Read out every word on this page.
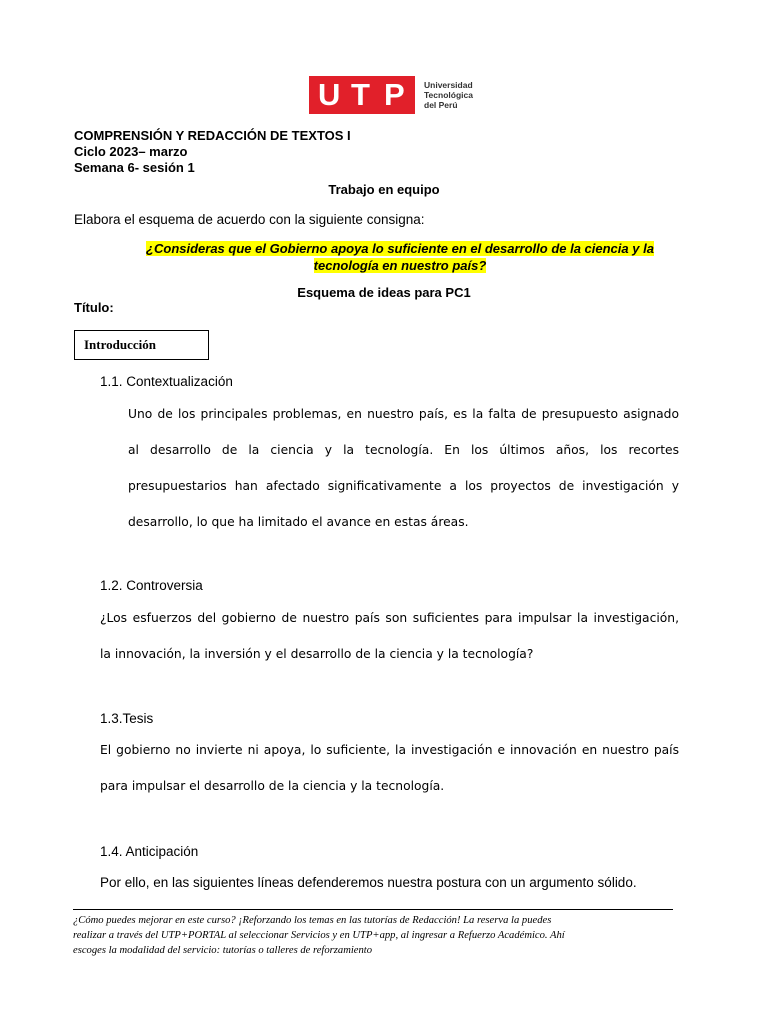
U T P Universidad
Tecnológica
del Perú
COMPRENSIÓN Y REDACCIÓN DE TEXTOS I
Ciclo 2023– marzo
Semana 6- sesión 1
Trabajo en equipo
Elabora el esquema de acuerdo con la siguiente consigna:
¿Consideras que el Gobierno apoya lo suficiente en el desarrollo de la ciencia y la
tecnología en nuestro país?
Esquema de ideas para PC1
Título:
Introducción
1.1. Contextualización
Uno de los principales problemas, en nuestro país, es la falta de presupuesto asignado
al desarrollo de la ciencia y la tecnología. En los últimos años, los recortes
presupuestarios han afectado significativamente a los proyectos de investigación y
desarrollo, lo que ha limitado el avance en estas áreas.
1.2. Controversia
¿Los esfuerzos del gobierno de nuestro país son suficientes para impulsar la investigación,
la innovación, la inversión y el desarrollo de la ciencia y la tecnología?
1.3.Tesis
El gobierno no invierte ni apoya, lo suficiente, la investigación e innovación en nuestro país
para impulsar el desarrollo de la ciencia y la tecnología.
1.4. Anticipación
Por ello, en las siguientes líneas defenderemos nuestra postura con un argumento sólido.
¿Cómo puedes mejorar en este curso? ¡Reforzando los temas en las tutorías de Redacción! La reserva la puedes
realizar a través del UTP+PORTAL al seleccionar Servicios y en UTP+app, al ingresar a Refuerzo Académico. Ahí
escoges la modalidad del servicio: tutorías o talleres de reforzamiento
